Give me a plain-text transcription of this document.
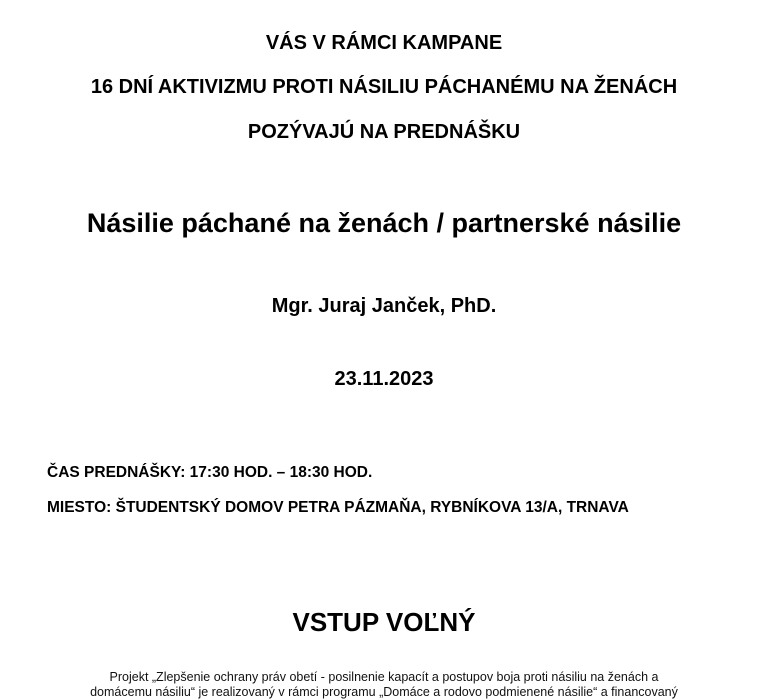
VÁS V RÁMCI KAMPANE
16 DNÍ AKTIVIZMU PROTI NÁSILIU PÁCHANÉMU NA ŽENÁCH
POZÝVAJÚ NA PREDNÁŠKU
Násilie páchané na ženách / partnerské násilie
Mgr. Juraj Janček, PhD.
23.11.2023
ČAS PREDNÁŠKY: 17:30 HOD. – 18:30 HOD.
MIESTO: ŠTUDENTSKÝ DOMOV PETRA PÁZMAŇA, RYBNÍKOVA 13/A, TRNAVA
VSTUP VOĽNÝ
Projekt „Zlepšenie ochrany práv obetí - posilnenie kapacít a postupov boja proti násiliu na ženách a
domácemu násiliu“ je realizovaný v rámci programu „Domáce a rodovo podmienené násilie“ a financovaný
